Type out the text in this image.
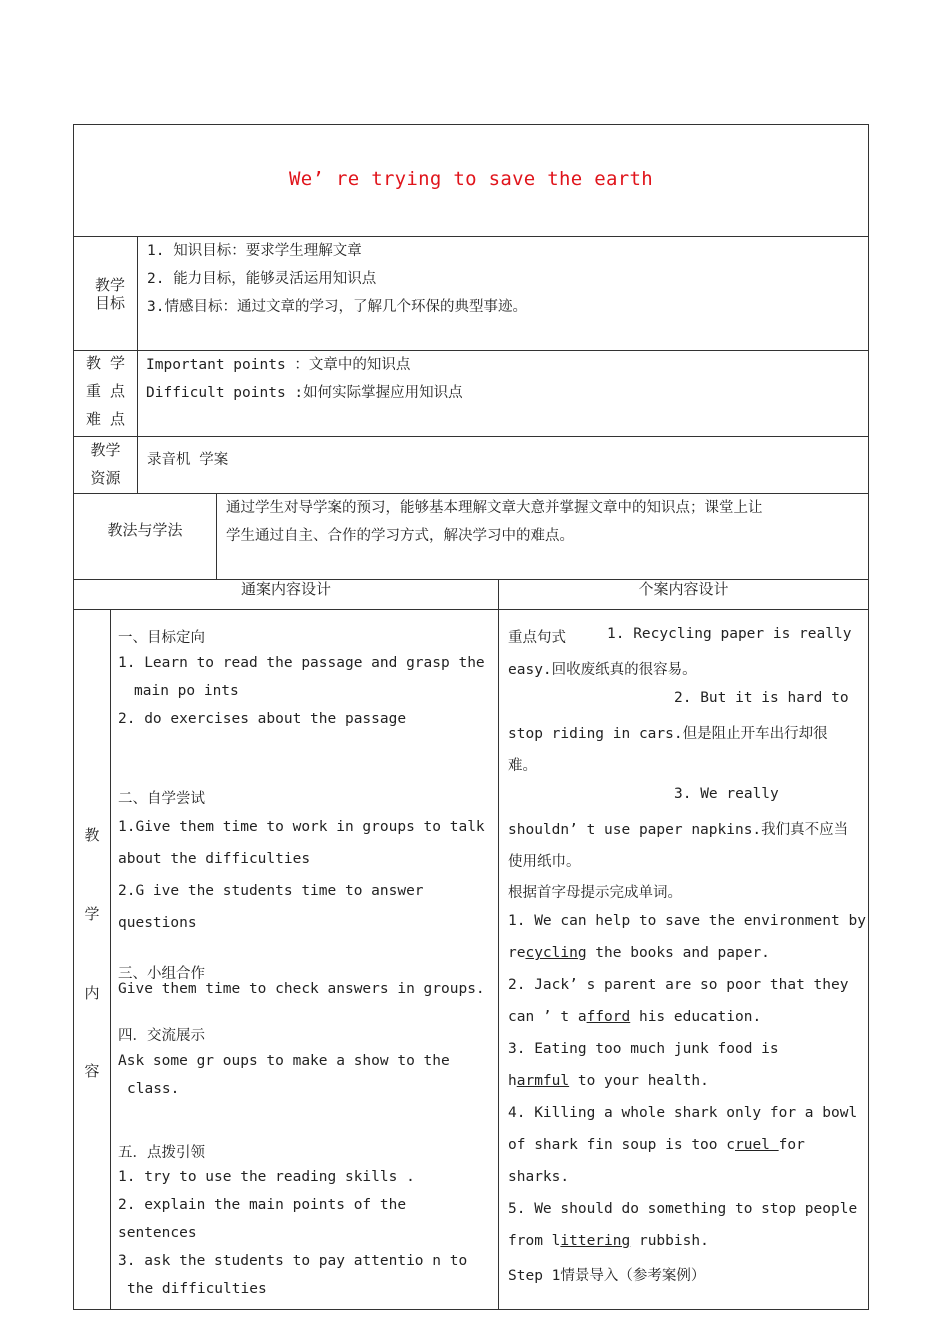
We’ re trying to save the earth
教学目标
1. 知识目标：要求学生理解文章
2. 能力目标，能够灵活运用知识点
3.情感目标：通过文章的学习，了解几个环保的典型事迹。
教 学
重 点
难 点
Important points ：文章中的知识点
Difficult points :如何实际掌握应用知识点
教学
资源
录音机 学案
教法与学法
通过学生对导学案的预习，能够基本理解文章大意并掌握文章中的知识点；课堂上让
学生通过自主、合作的学习方式，解决学习中的难点。
通案内容设计	个案内容设计
教
学
内
容
一、目标定向
1. Learn to read the passage and grasp the
main po ints
2. do exercises about the passage
二、自学尝试
1.Give them time to work in groups to talk
about the difficulties
2.G ive the students time to answer
questions
三、小组合作
Give them time to check answers in groups.
四．交流展示
Ask some gr oups to make a show to the
class.
五．点拨引领
1. try to use the reading skills .
2. explain the main points of the
sentences
3. ask the students to pay attentio n to
the difficulties
重点句式	1. Recycling paper is really
easy.回收废纸真的很容易。
2. But it is hard to
stop riding in cars.但是阻止开车出行却很
难。
3. We really
shouldn’ t use paper napkins.我们真不应当
使用纸巾。
根据首字母提示完成单词。
1. We can help to save the environment by
recycling the books and paper.
2. Jack’ s parent are so poor that they
can ’ t afford his education.
3. Eating too much junk food is
harmful to your health.
4. Killing a whole shark only for a bowl
of shark fin soup is too cruel for
sharks.
5. We should do something to stop people
from littering rubbish.
Step 1情景导入（参考案例）
